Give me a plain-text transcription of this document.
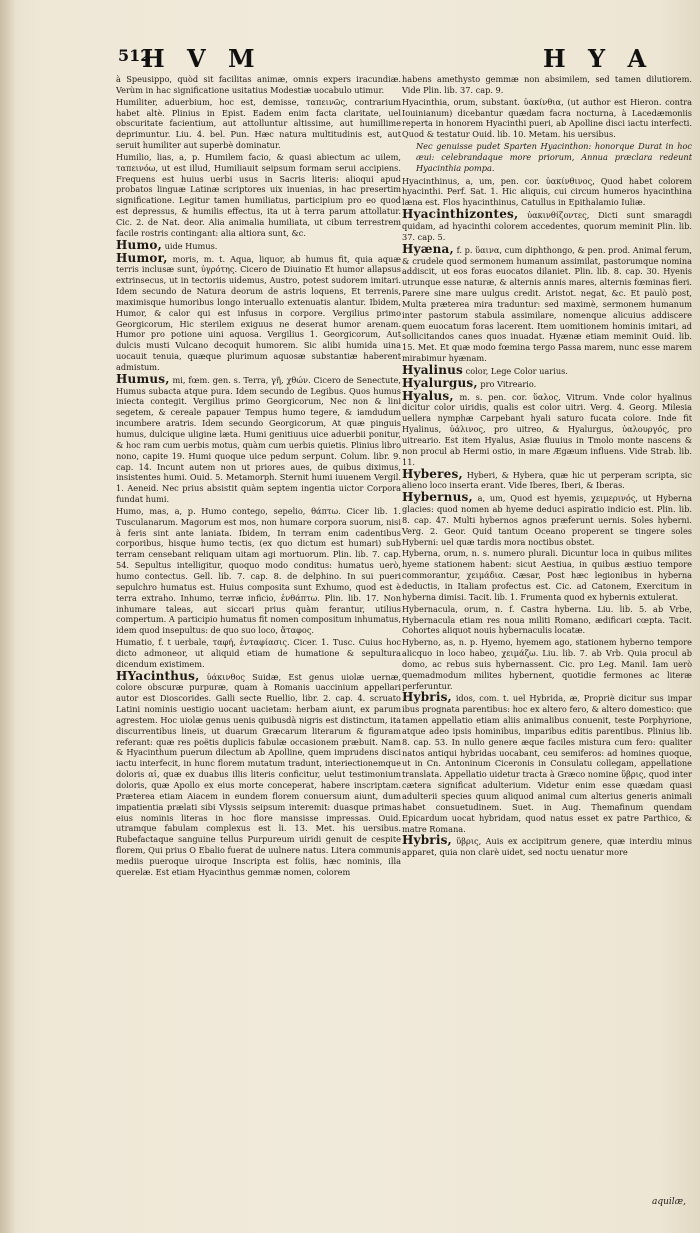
512
H V M	H Y A

à Speusippo, quòd sit facilitas animæ, omnis expers iracundiæ. Verùm in hac significatione usitatius Modestiæ uocabulo utimur.

Humiliter, aduerbium, hoc est, demisse, ταπεινῶς, contrarium habet altè. Plinius in Epist. Eadem enim facta claritate, uel obscuritate facientium, aut attolluntur altissime, aut humillime deprimuntur. Liu. 4. bel. Pun. Hæc natura multitudinis est, aut seruit humiliter aut superbè dominatur.

Humilio, lias, a, p. Humilem facio, & quasi abiectum ac uilem, ταπεινόω, ut est illud, Humiliauit seipsum formam serui accipiens. Frequens est huius uerbi usus in Sacris literis: alioqui apud probatos linguæ Latinæ scriptores uix inuenias, in hac presertim significatione. Legitur tamen humiliatus, participium pro eo quod est depressus, & humilis effectus, ita ut à terra parum attollatur. Cic. 2. de Nat. deor. Alia animalia humiliata, ut cibum terrestrem facile rostris contingant: alia altiora sunt, &c.

Humo, uide Humus.

Humor, moris, m. t. Aqua, liquor, ab humus fit, quia aquæ terris inclusæ sunt, ὑγρότης. Cicero de Diuinatio Et humor allapsus extrinsecus, ut in tectoriis uidemus, Austro, potest sudorem imitari. Idem secundo de Natura deorum de astris loquens, Et terrenis, maximisque humoribus longo interuallo extenuatis alantur. Ibidem, Humor, & calor qui est infusus in corpore. Vergilius primo Georgicorum, Hic sterilem exiguus ne deserat humor arenam. Humor pro potione uini aquosa. Vergilius 1. Georgicorum, Aut dulcis musti Vulcano decoquit humorem. Sic alibi humida uina uocauit tenuia, quæque plurimum aquosæ substantiæ haberent admistum.

Humus, mi, fœm. gen. s. Terra, γῆ, χθών. Cicero de Senectute, Humus subacta atque pura. Idem secundo de Legibus. Quos humus iniecta contegit. Vergilius primo Georgicorum, Nec non & lini segetem, & cereale papauer Tempus humo tegere, & iamdudum incumbere aratris. Idem secundo Georgicorum, At quæ pinguis humus, dulcique uligine læta. Humi genitiuus uice aduerbii ponitur, & hoc ram cum uerbis motus, quàm cum uerbis quietis. Plinius libro nono, capite 19. Humi quoque uice pedum serpunt. Colum. libr. 9. cap. 14. Incunt autem non ut priores aues, de quibus diximus, insistentes humi. Ouid. 5. Metamorph. Sternit humi iuuenem Vergil. 1. Aeneid. Nec prius absistit quàm septem ingentia uictor Corpora fundat humi.

Humo, mas, a, p. Humo contego, sepelio, θάπτω. Cicer lib. 1. Tusculanarum. Magorum est mos, non humare corpora suorum, nisi à feris sint ante laniata. Ibidem, In terram enim cadentibus corporibus, hisque humo tectis, (ex quo dictum est humari) sub terram censebant reliquam uitam agi mortuorum. Plin. lib. 7. cap. 54. Sepultus intelligitur, quoquo modo conditus: humatus uerò, humo contectus. Gell. lib. 7. cap. 8. de delphino. In sui pueri sepulchro humatus est. Huius composita sunt Exhumo, quod est è terra extraho. Inhumo, terræ inficio, ἐνθάπτω. Plin. lib. 17. Non inhumare taleas, aut siccari prius quàm ferantur, utilius compertum. A participio humatus fit nomen compositum inhumatus, idem quod insepultus: de quo suo loco, ἄταφος.

Humatio, f. t uerbale, ταφή, ἐνταφίασις. Cicer. 1. Tusc. Cuius hoc dicto admoneor, ut aliquid etiam de humatione & sepultura dicendum existimem.

HYacinthus, ὑάκινθος Suidæ, Est genus uiolæ uernæ, colore obscuræ purpuræ, quam à Romanis uaccinium appellari autor est Dioscorides. Galli secte Ruellio, libr. 2. cap. 4. scruato Latini nominis uestigio uocant uacietam: herbam aiunt, ex parum agrestem. Hoc uiolæ genus uenis quibusdà nigris est distinctum, ita discurrentibus lineis, ut duarum Græcarum literarum & figuram referant: quæ res poëtis duplicis fabulæ occasionem præbuit. Nam & Hyacinthum puerum dilectum ab Apolline, quem imprudens disci iactu interfecit, in hunc florem mutatum tradunt, interiectionemque doloris αἰ, quæ ex duabus illis literis conficitur, uelut testimonium doloris, quæ Apollo ex eius morte conceperat, habere inscriptam. Præterea etiam Aiacem in eundem florem conuersum aiunt, dum impatientia prælati sibi Vlyssis seipsum interemit: duasque primas eius nominis literas in hoc flore mansisse impressas. Ouid. utramque fabulam complexus est li. 13. Met. his uersibus. Rubefactaque sanguine tellus Purpureum uiridi genuit de cespite florem, Qui prius O Ebalio fuerat de uulnere natus. Litera communis mediis pueroque uiroque Inscripta est foliis, hæc nominis, illa querelæ. Est etiam Hyacinthus gemmæ nomen, colorem

habens amethysto gemmæ non absimilem, sed tamen dilutiorem. Vide Plin. lib. 37. cap. 9.

Hyacinthia, orum, substant. ὑακίνθια, (ut author est Hieron. contra Iouinianum) dicebantur quædam facra nocturna, à Lacedæmoniis reperta in honorem Hyacinthi pueri, ab Apolline disci iactu interfecti. Quod & testatur Ouid. lib. 10. Metam. his uersibus.

Nec genuisse pudet Sparten Hyacinthon: honorque Durat in hoc æui: celebrandaque more priorum, Annua præclara redeunt Hyacinthia pompa.

Hyacinthinus, a, um, pen. cor. ὑακίνθινος, Quod habet colorem hyacinthi. Perf. Sat. 1. Hic aliquis, cui circum humeros hyacinthina læna est. Flos hyacinthinus, Catullus in Epithalamio Iuliæ.

Hyacinthizontes, ὑακινθίζοντες, Dicti sunt smaragdi quidam, ad hyacinthi colorem accedentes, quorum meminit Plin. lib. 37. cap. 5.

Hyæna, f. p. ὕαινα, cum diphthongo, & pen. prod. Animal ferum, & crudele quod sermonem humanum assimilat, pastorumque nomina addiscit, ut eos foras euocatos dilaniet. Plin. lib. 8. cap. 30. Hyenis utrunque esse naturæ, & alternis annis mares, alternis fœminas fieri. Parere sine mare uulgus credit. Aristot. negat, &c. Et paulò post, Multa præterea mira traduntur: sed maximè, sermonem humanum inter pastorum stabula assimilare, nomenque alicuius addiscere quem euocatum foras lacerent. Item uomitionem hominis imitari, ad sollicitandos canes quos inuadat. Hyænæ etiam meminit Ouid. lib. 15. Met. Et quæ modo fœmina tergo Passa marem, nunc esse marem mirabimur hyænam.

Hyalinus color, Lege Color uarius.

Hyalurgus, pro Vitreario.

Hyalus, m. s. pen. cor. ὕαλος, Vitrum. Vnde color hyalinus dicitur color uiridis, qualis est color uitri. Verg. 4. Georg. Milesia uellera nymphæ Carpebant hyali saturo fucata colore. Inde fit Hyalinus, ὑάλινος, pro uitreo, & Hyalurgus, ὑαλουργός, pro uitreario. Est item Hyalus, Asiæ fluuius in Tmolo monte nascens & non procul ab Hermi ostio, in mare Ægæum influens. Vide Strab. lib. 11.

Hyberes, Hyberi, & Hybera, quæ hic ut perperam scripta, sic alieno loco inserta erant. Vide Iberes, Iberi, & Iberas.

Hybernus, a, um, Quod est hyemis, χειμερινός, ut Hyberna glacies: quod nomen ab hyeme deduci aspiratio indicio est. Plin. lib. 8. cap. 47. Multi hybernos agnos præferunt uernis. Soles hyberni. Verg. 2. Geor. Quid tantum Oceano properent se tingere soles Hyberni: uel quæ tardis mora noctibus obstet.

Hyberna, orum, n. s. numero plurali. Dicuntur loca in quibus milites hyeme stationem habent: sicut Aestiua, in quibus æstiuo tempore commorantur, χειμάδια. Cæsar, Post hæc legionibus in hyberna deductis, in Italiam profectus est. Cic. ad Catonem, Exercitum in hyberna dimisi. Tacit. lib. 1. Frumenta quod ex hybernis extulerat.

Hybernacula, orum, n. f. Castra hyberna. Liu. lib. 5. ab Vrbe, Hybernacula etiam res noua militi Romano, ædificari cœpta. Tacit. Cohortes aliquot nouis hybernaculis locatæ.

Hyberno, as, n. p. Hyemo, hyemem ago, stationem hyberno tempore alicquo in loco habeo, χειμάζω. Liu. lib. 7. ab Vrb. Quia procul ab domo, ac rebus suis hybernassent. Cic. pro Leg. Manil. Iam uerò quemadmodum milites hybernent, quotidie fermones ac literæ perferuntur.

Hybris, idos, com. t. uel Hybrida, æ, Propriè dicitur sus impar ibus prognata parentibus: hoc ex altero fero, & altero domestico: que tamen appellatio etiam aliis animalibus conuenit, teste Porphyrione, atque adeo ipsis hominibus, imparibus editis parentibus. Plinius lib. 8. cap. 53. In nullo genere æque faciles mistura cum fero: qualiter natos antiqui hybridas uocabant, ceu semiferos: ad homines quoque, ut in Cn. Antoninum Ciceronis in Consulatu collegam, appellatione translata. Appellatio uidetur tracta à Græco nomine ὕβρις, quod inter cætera significat adulterium. Videtur enim esse quædam quasi adulterii species quum aliquod animal cum alterius generis animali habet consuetudinem. Suet. in Aug. Themafinum quendam Epicardum uocat hybridam, quod natus esset ex patre Parthico, & matre Romana.

Hybris, ὕβρις, Auis ex accipitrum genere, quæ interdiu minus apparet, quia non clarè uidet, sed noctu uenatur more

aquilæ,
